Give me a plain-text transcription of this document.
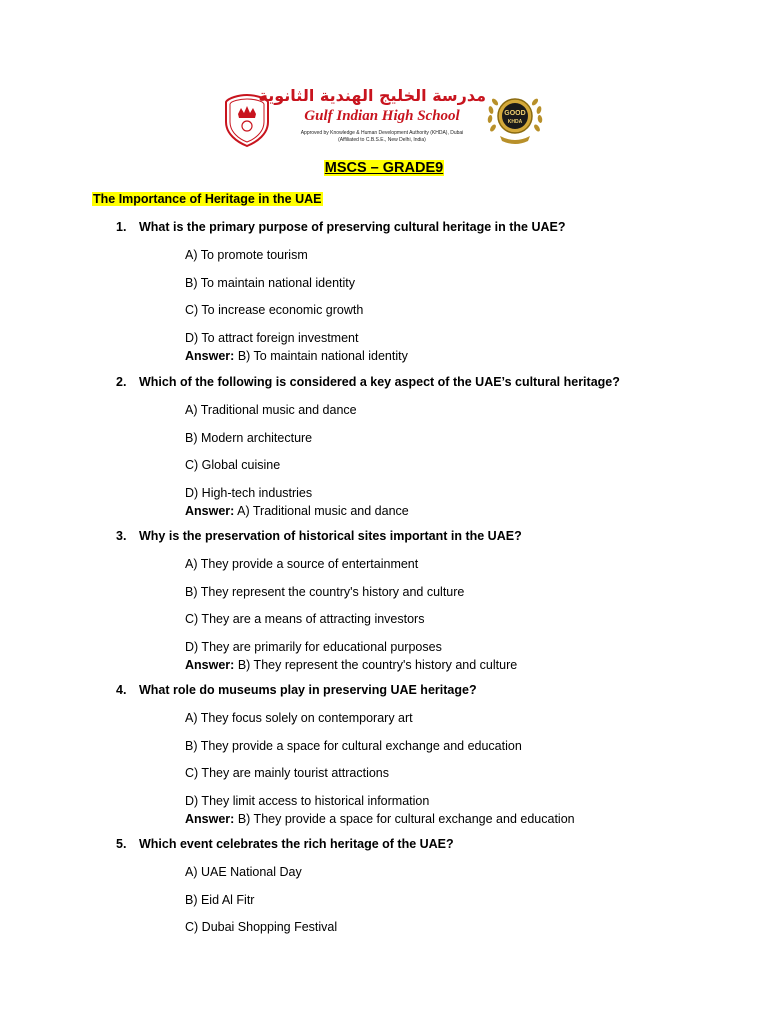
مدرسة الخليج الهندية الثانوية
Gulf Indian High School
Approved by Knowledge & Human Development Authority (KHDA), Dubai
(Affiliated to C.B.S.E., New Delhi, India)
GOOD
KHDA
MSCS – GRADE9
The Importance of Heritage in the UAE
1. What is the primary purpose of preserving cultural heritage in the UAE?
A) To promote tourism
B) To maintain national identity
C) To increase economic growth
D) To attract foreign investment
Answer: B) To maintain national identity
2. Which of the following is considered a key aspect of the UAE’s cultural heritage?
A) Traditional music and dance
B) Modern architecture
C) Global cuisine
D) High-tech industries
Answer: A) Traditional music and dance
3. Why is the preservation of historical sites important in the UAE?
A) They provide a source of entertainment
B) They represent the country's history and culture
C) They are a means of attracting investors
D) They are primarily for educational purposes
Answer: B) They represent the country's history and culture
4. What role do museums play in preserving UAE heritage?
A) They focus solely on contemporary art
B) They provide a space for cultural exchange and education
C) They are mainly tourist attractions
D) They limit access to historical information
Answer: B) They provide a space for cultural exchange and education
5. Which event celebrates the rich heritage of the UAE?
A) UAE National Day
B) Eid Al Fitr
C) Dubai Shopping Festival
